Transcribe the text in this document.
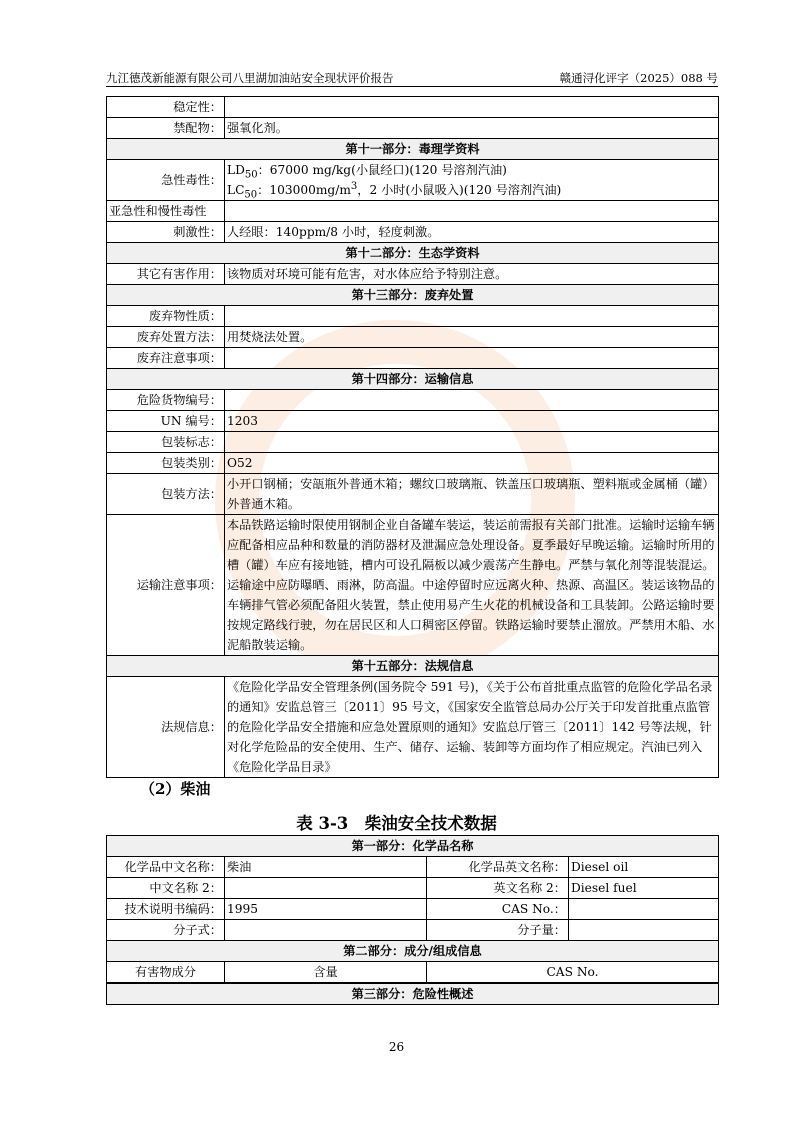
九江德茂新能源有限公司八里湖加油站安全现状评价报告	赣通浔化评字（2025）088 号
稳定性：	
禁配物：	强氧化剂。
第十一部分：毒理学资料	
急性毒性：	$LD_{50}$：67000 mg/kg(小鼠经口)(120 号溶剂汽油)
$LC_{50}$：$103000mg/m^3$，2 小时(小鼠吸入)(120 号溶剂汽油)

亚急性和慢性毒性	
刺激性：	人经眼：140ppm/8 小时，轻度刺激。
第十二部分：生态学资料	
其它有害作用：	该物质对环境可能有危害，对水体应给予特别注意。
第十三部分：废弃处置	
废弃物性质：	
废弃处置方法：	用焚烧法处置。
废弃注意事项：	
第十四部分：运输信息	
危险货物编号：	
UN 编号：	1203
包装标志：	
包装类别：	O52
包装方法：	小开口钢桶；安瓿瓶外普通木箱；螺纹口玻璃瓶、铁盖压口玻璃瓶、塑料瓶或金属桶（罐）外普通木箱。
运输注意事项：	本品铁路运输时限使用钢制企业自备罐车装运，装运前需报有关部门批准。运输时运输车辆应配备相应品种和数量的消防器材及泄漏应急处理设备。夏季最好早晚运输。运输时所用的槽（罐）车应有接地链，槽内可设孔隔板以减少震荡产生静电。严禁与氧化剂等混装混运。运输途中应防曝晒、雨淋，防高温。中途停留时应远离火种、热源、高温区。装运该物品的车辆排气管必须配备阻火装置，禁止使用易产生火花的机械设备和工具装卸。公路运输时要按规定路线行驶，勿在居民区和人口稠密区停留。铁路运输时要禁止溜放。严禁用木船、水泥船散装运输。
第十五部分：法规信息	
法规信息：	《危险化学品安全管理条例(国务院令 591 号)，《关于公布首批重点监管的危险化学品名录的通知》安监总管三〔2011〕95 号文，《国家安全监管总局办公厅关于印发首批重点监管的危险化学品安全措施和应急处置原则的通知》安监总厅管三〔2011〕142 号等法规，针对化学危险品的安全使用、生产、储存、运输、装卸等方面均作了相应规定。汽油已列入《危险化学品目录》
（2）柴油
表 3-3　柴油安全技术数据
第一部分：化学品名称			
化学品中文名称：	柴油	化学品英文名称：	Diesel oil
中文名称 2：		英文名称 2：	Diesel fuel
技术说明书编码：	1995	CAS No.：	
分子式：		分子量：	
第二部分：成分/组成信息			
有害物成分	含量	CAS No.	

第三部分：危险性概述			
26
